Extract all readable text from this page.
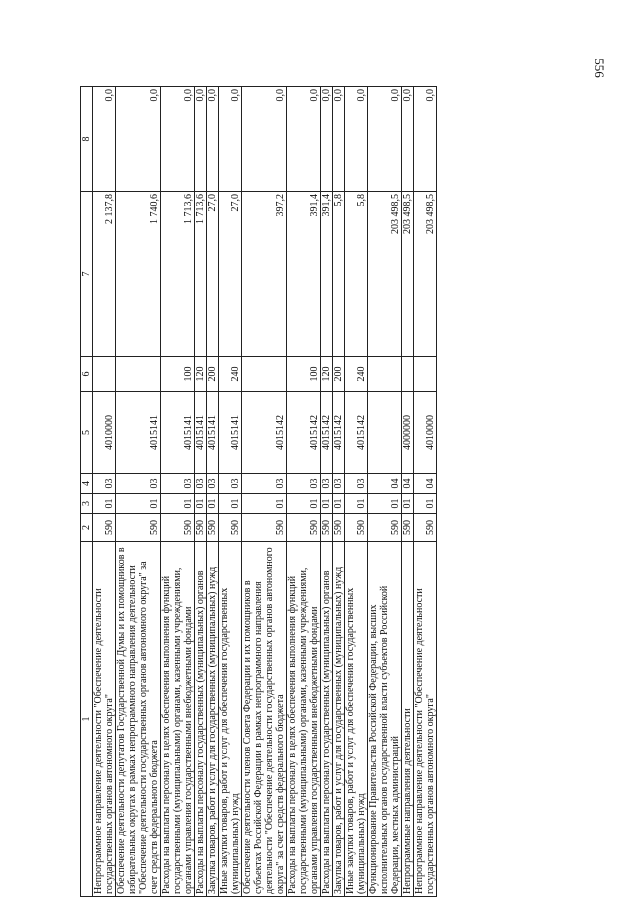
556
1	2	3	4	5	6	7	8
Непрограммное направление деятельности "Обеспечение деятельности государственных органов автономного округа"	590	01	03	4010000		2 137,8	0,0
Обеспечение деятельности депутатов Государственной Думы и их помощников в избирательных округах в рамках непрограммного направления деятельности "Обеспечение деятельности государственных органов автономного округа" за счет средств федерального бюджета	590	01	03	4015141		1 740,6	0,0
Расходы на выплаты персоналу в целях обеспечения выполнения функций государственными (муниципальными) органами, казенными учреждениями, органами управления государственными внебюджетными фондами	590	01	03	4015141	100	1 713,6	0,0
Расходы на выплаты персоналу государственных (муниципальных) органов	590	01	03	4015141	120	1 713,6	0,0
Закупка товаров, работ и услуг для государственных (муниципальных) нужд	590	01	03	4015141	200	27,0	0,0
Иные закупки товаров, работ и услуг для обеспечения государственных (муниципальных) нужд	590	01	03	4015141	240	27,0	0,0
Обеспечение деятельности членов Совета Федерации и их помощников в субъектах Российской Федерации в рамках непрограммного направления деятельности "Обеспечение деятельности государственных органов автономного округа" за счет средств федерального бюджета	590	01	03	4015142		397,2	0,0
Расходы на выплаты персоналу в целях обеспечения выполнения функций государственными (муниципальными) органами, казенными учреждениями, органами управления государственными внебюджетными фондами	590	01	03	4015142	100	391,4	0,0
Расходы на выплаты персоналу государственных (муниципальных) органов	590	01	03	4015142	120	391,4	0,0
Закупка товаров, работ и услуг для государственных (муниципальных) нужд	590	01	03	4015142	200	5,8	0,0
Иные закупки товаров, работ и услуг для обеспечения государственных (муниципальных) нужд	590	01	03	4015142	240	5,8	0,0
Функционирование Правительства Российской Федерации, высших исполнительных органов государственной власти субъектов Российской Федерации, местных администраций	590	01	04			203 498,5	0,0
Непрограммные направления деятельности	590	01	04	4000000		203 498,5	0,0
Непрограммное направление деятельности "Обеспечение деятельности государственных органов автономного округа"	590	01	04	4010000		203 498,5	0,0
